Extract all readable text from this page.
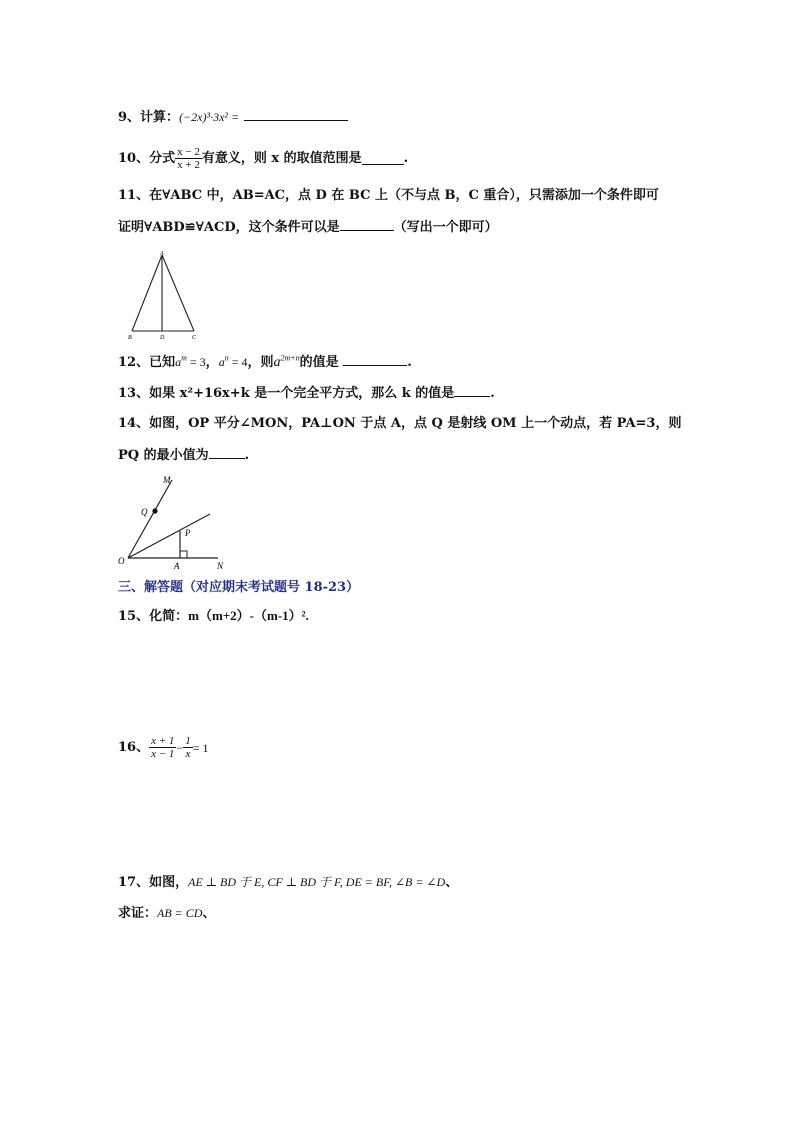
9、计算：(−2x)³·3x² =
10、 分式 $\frac{x - 2}{x + 2}$ 有意义，则 x 的取值范围是	.
11、在∀ABC 中，AB=AC，点 D 在 BC 上（不与点 B，C 重合），只需添加一个条件即可
证明∀ABD≌∀ACD，这个条件可以是	（写出一个即可）
A
B	D	C
12、已知$a^m = 3$，$a^n = 4$，则$a^{2m+n}$的值是	.
13、如果 x²+16x+k 是一个完全平方式，那么 k 的值是	.
14、如图，OP 平分∠MON，PA⊥ON 于点 A，点 Q 是射线 OM 上一个动点，若 PA=3，则
PQ 的最小值为	.
M
Q
P
O	A	N
三、解答题（对应期末考试题号 18-23）
15、化简：m（m+2）-（m-1）².
16、 $\frac{x + 1}{x - 1} - \frac{1}{x} = 1$
17、如图，AE ⊥ BD 于 E, CF ⊥ BD 于 F, DE = BF, ∠B = ∠D、
求证：AB = CD、
